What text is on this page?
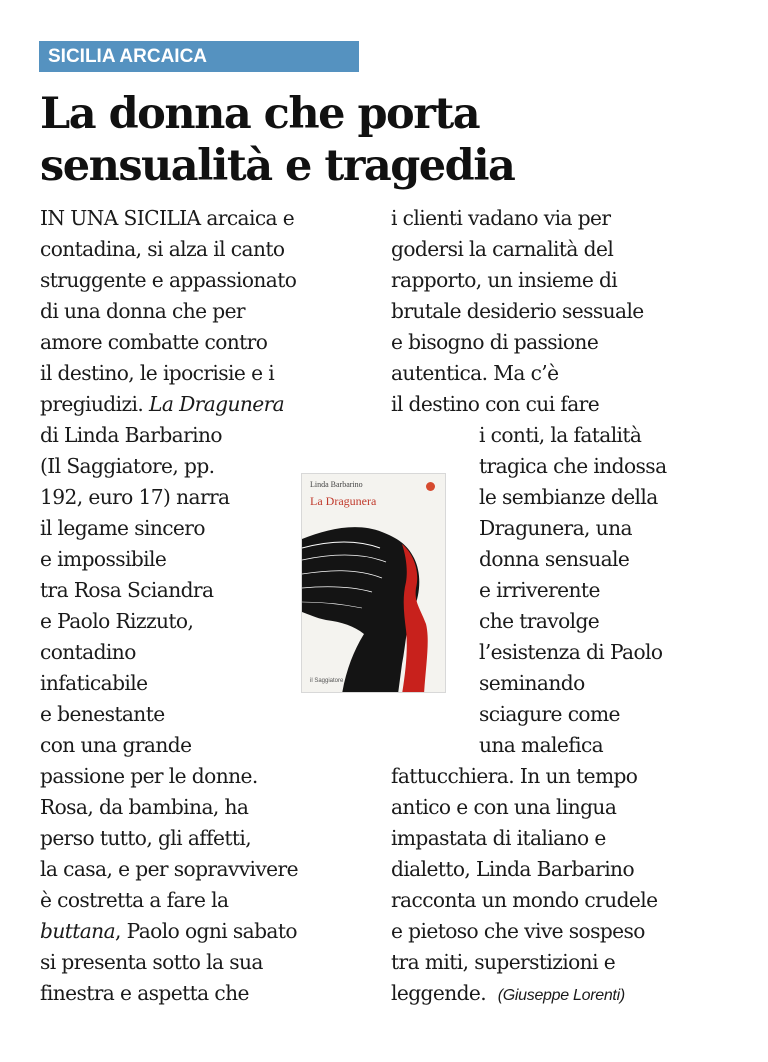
SICILIA ARCAICA
La donna che porta
sensualità e tragedia
IN UNA SICILIA arcaica e
contadina, si alza il canto
struggente e appassionato
di una donna che per
amore combatte contro
il destino, le ipocrisie e i
pregiudizi. La Dragunera
di Linda Barbarino
(Il Saggiatore, pp.
192, euro 17) narra
il legame sincero
e impossibile
tra Rosa Sciandra
e Paolo Rizzuto,
contadino
infaticabile
e benestante
con una grande
passione per le donne.
Rosa, da bambina, ha
perso tutto, gli affetti,
la casa, e per sopravvivere
è costretta a fare la
buttana, Paolo ogni sabato
si presenta sotto la sua
finestra e aspetta che
i clienti vadano via per
godersi la carnalità del
rapporto, un insieme di
brutale desiderio sessuale
e bisogno di passione
autentica. Ma c’è
il destino con cui fare
i conti, la fatalità
tragica che indossa
le sembianze della
Dragunera, una
donna sensuale
e irriverente
che travolge
l’esistenza di Paolo
seminando
sciagure come
una malefica
fattucchiera. In un tempo
antico e con una lingua
impastata di italiano e
dialetto, Linda Barbarino
racconta un mondo crudele
e pietoso che vive sospeso
tra miti, superstizioni e
leggende. (Giuseppe Lorenti)
Linda Barbarino
La Dragunera
il Saggiatore
